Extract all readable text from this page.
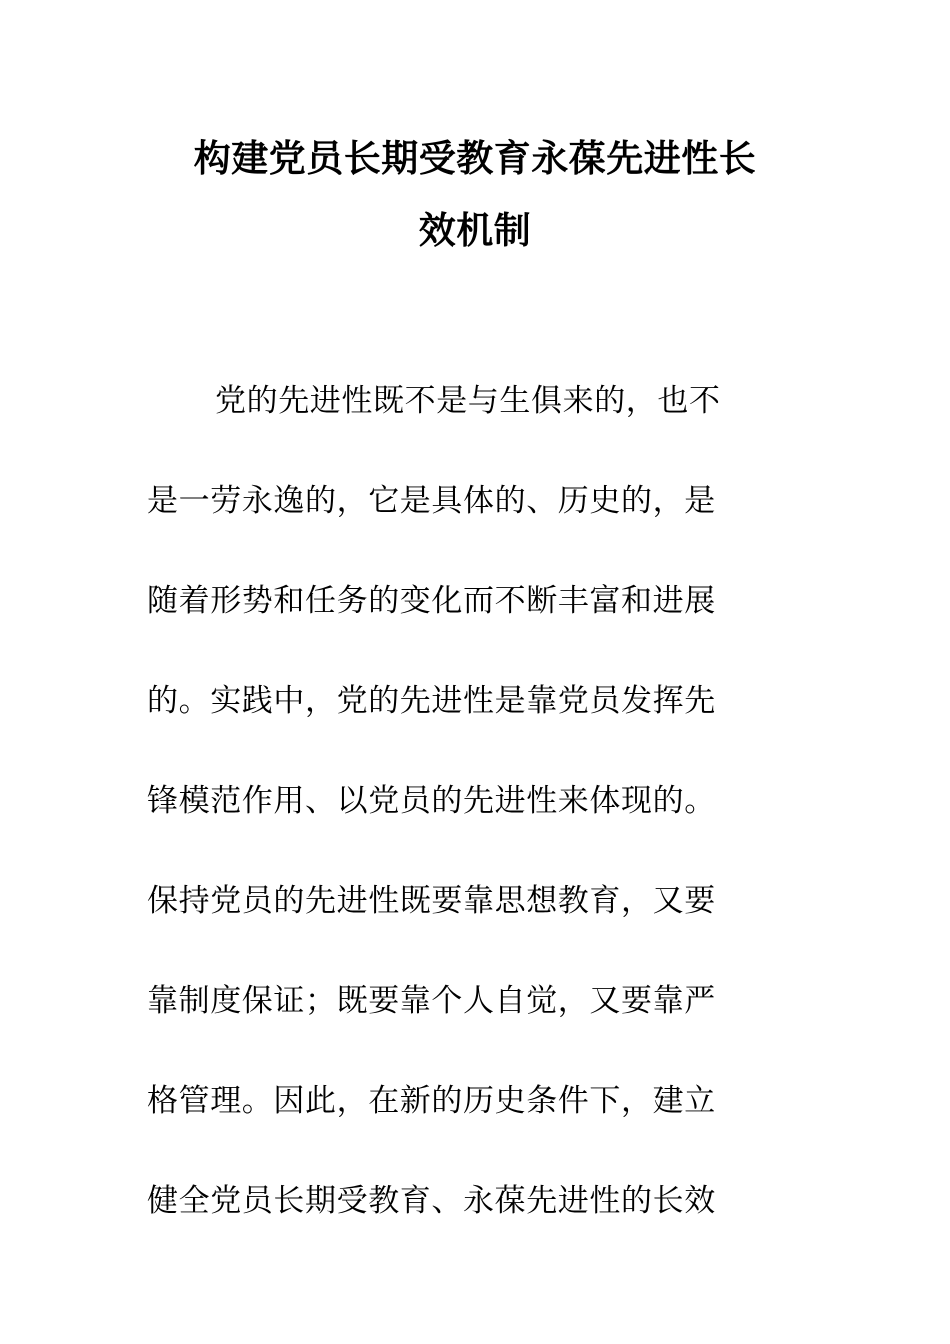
构建党员长期受教育永葆先进性长
效机制
党的先进性既不是与生俱来的，也不
是一劳永逸的，它是具体的、历史的，是
随着形势和任务的变化而不断丰富和进展
的。实践中，党的先进性是靠党员发挥先
锋模范作用、以党员的先进性来体现的。
保持党员的先进性既要靠思想教育，又要
靠制度保证；既要靠个人自觉，又要靠严
格管理。因此，在新的历史条件下，建立
健全党员长期受教育、永葆先进性的长效
